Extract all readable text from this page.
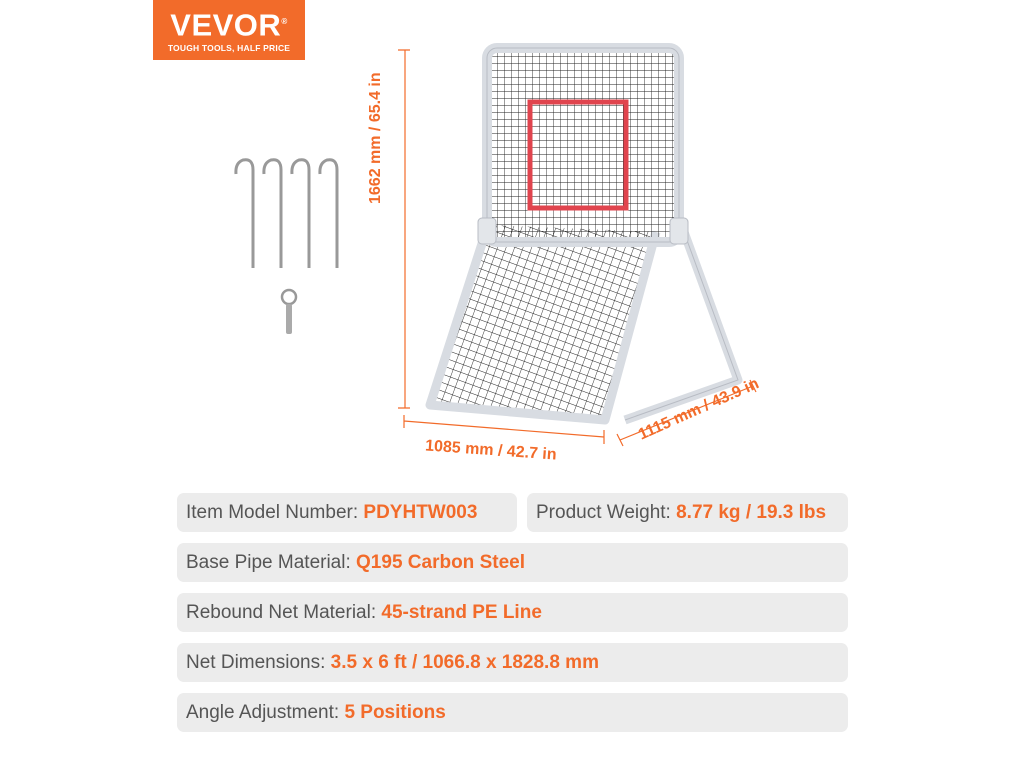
VEVOR®
TOUGH TOOLS, HALF PRICE
1662 mm / 65.4 in
1085 mm / 42.7 in
1115 mm / 43.9 in
Item Model Number: PDYHTW003	Product Weight: 8.77 kg / 19.3 lbs
Base Pipe Material: Q195 Carbon Steel
Rebound Net Material: 45-strand PE Line
Net Dimensions: 3.5 x 6 ft / 1066.8 x 1828.8 mm
Angle Adjustment: 5 Positions
